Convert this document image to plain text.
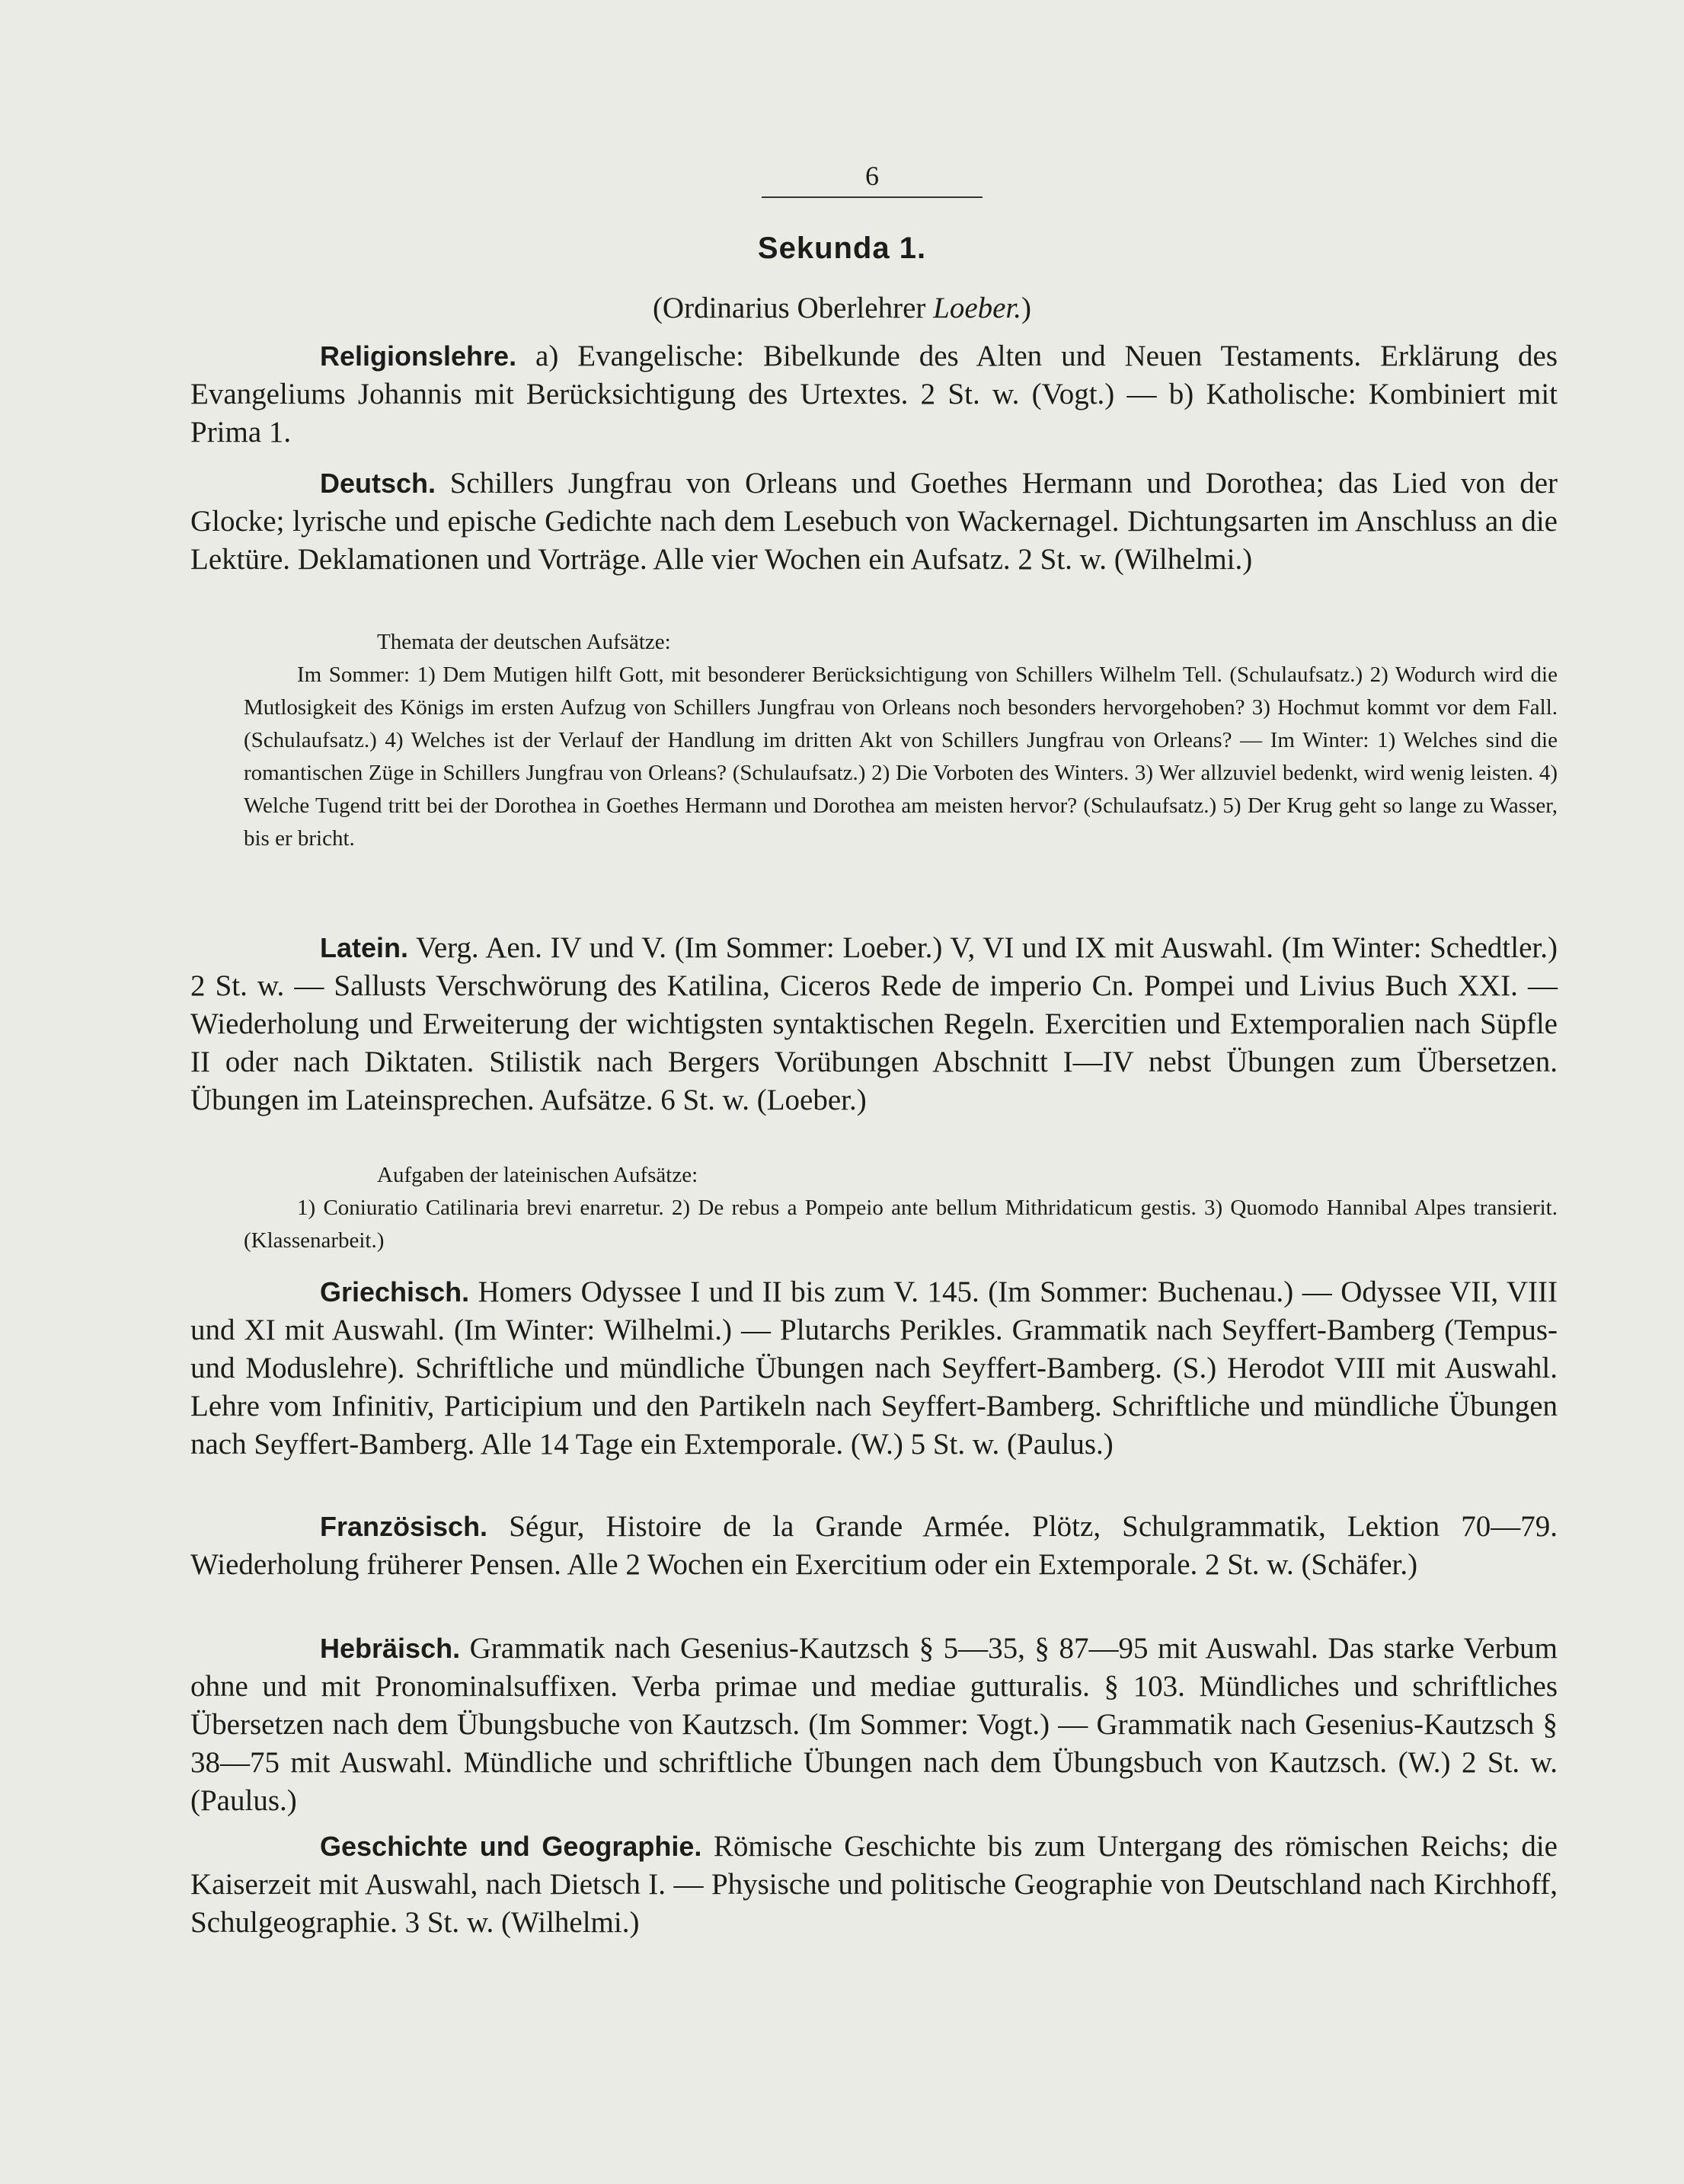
6
Sekunda 1.
(Ordinarius Oberlehrer Loeber.)
Religionslehre. a) Evangelische: Bibelkunde des Alten und Neuen Testaments. Erklärung des Evangeliums Johannis mit Berücksichtigung des Urtextes. 2 St. w. (Vogt.) — b) Katholische: Kombiniert mit Prima 1.
Deutsch. Schillers Jungfrau von Orleans und Goethes Hermann und Dorothea; das Lied von der Glocke; lyrische und epische Gedichte nach dem Lesebuch von Wackernagel. Dichtungsarten im Anschluss an die Lektüre. Deklamationen und Vorträge. Alle vier Wochen ein Aufsatz. 2 St. w. (Wilhelmi.)
Themata der deutschen Aufsätze:
Im Sommer: 1) Dem Mutigen hilft Gott, mit besonderer Berücksichtigung von Schillers Wilhelm Tell. (Schulaufsatz.) 2) Wodurch wird die Mutlosigkeit des Königs im ersten Aufzug von Schillers Jungfrau von Orleans noch besonders hervorgehoben? 3) Hochmut kommt vor dem Fall. (Schulaufsatz.) 4) Welches ist der Verlauf der Handlung im dritten Akt von Schillers Jungfrau von Orleans? — Im Winter: 1) Welches sind die romantischen Züge in Schillers Jungfrau von Orleans? (Schulaufsatz.) 2) Die Vorboten des Winters. 3) Wer allzuviel bedenkt, wird wenig leisten. 4) Welche Tugend tritt bei der Dorothea in Goethes Hermann und Dorothea am meisten hervor? (Schulaufsatz.) 5) Der Krug geht so lange zu Wasser, bis er bricht.
Latein. Verg. Aen. IV und V. (Im Sommer: Loeber.) V, VI und IX mit Auswahl. (Im Winter: Schedtler.) 2 St. w. — Sallusts Verschwörung des Katilina, Ciceros Rede de imperio Cn. Pompei und Livius Buch XXI. — Wiederholung und Erweiterung der wichtigsten syntaktischen Regeln. Exercitien und Extemporalien nach Süpfle II oder nach Diktaten. Stilistik nach Bergers Vorübungen Abschnitt I—IV nebst Übungen zum Übersetzen. Übungen im Lateinsprechen. Aufsätze. 6 St. w. (Loeber.)
Aufgaben der lateinischen Aufsätze:
1) Coniuratio Catilinaria brevi enarretur. 2) De rebus a Pompeio ante bellum Mithridaticum gestis. 3) Quomodo Hannibal Alpes transierit. (Klassenarbeit.)
Griechisch. Homers Odyssee I und II bis zum V. 145. (Im Sommer: Buchenau.) — Odyssee VII, VIII und XI mit Auswahl. (Im Winter: Wilhelmi.) — Plutarchs Perikles. Grammatik nach Seyffert-Bamberg (Tempus- und Moduslehre). Schriftliche und mündliche Übungen nach Seyffert-Bamberg. (S.) Herodot VIII mit Auswahl. Lehre vom Infinitiv, Participium und den Partikeln nach Seyffert-Bamberg. Schriftliche und mündliche Übungen nach Seyffert-Bamberg. Alle 14 Tage ein Extemporale. (W.) 5 St. w. (Paulus.)
Französisch. Ségur, Histoire de la Grande Armée. Plötz, Schulgrammatik, Lektion 70—79. Wiederholung früherer Pensen. Alle 2 Wochen ein Exercitium oder ein Extemporale. 2 St. w. (Schäfer.)
Hebräisch. Grammatik nach Gesenius-Kautzsch § 5—35, § 87—95 mit Auswahl. Das starke Verbum ohne und mit Pronominalsuffixen. Verba primae und mediae gutturalis. § 103. Mündliches und schriftliches Übersetzen nach dem Übungsbuche von Kautzsch. (Im Sommer: Vogt.) — Grammatik nach Gesenius-Kautzsch § 38—75 mit Auswahl. Mündliche und schriftliche Übungen nach dem Übungsbuch von Kautzsch. (W.) 2 St. w. (Paulus.)
Geschichte und Geographie. Römische Geschichte bis zum Untergang des römischen Reichs; die Kaiserzeit mit Auswahl, nach Dietsch I. — Physische und politische Geographie von Deutschland nach Kirchhoff, Schulgeographie. 3 St. w. (Wilhelmi.)
